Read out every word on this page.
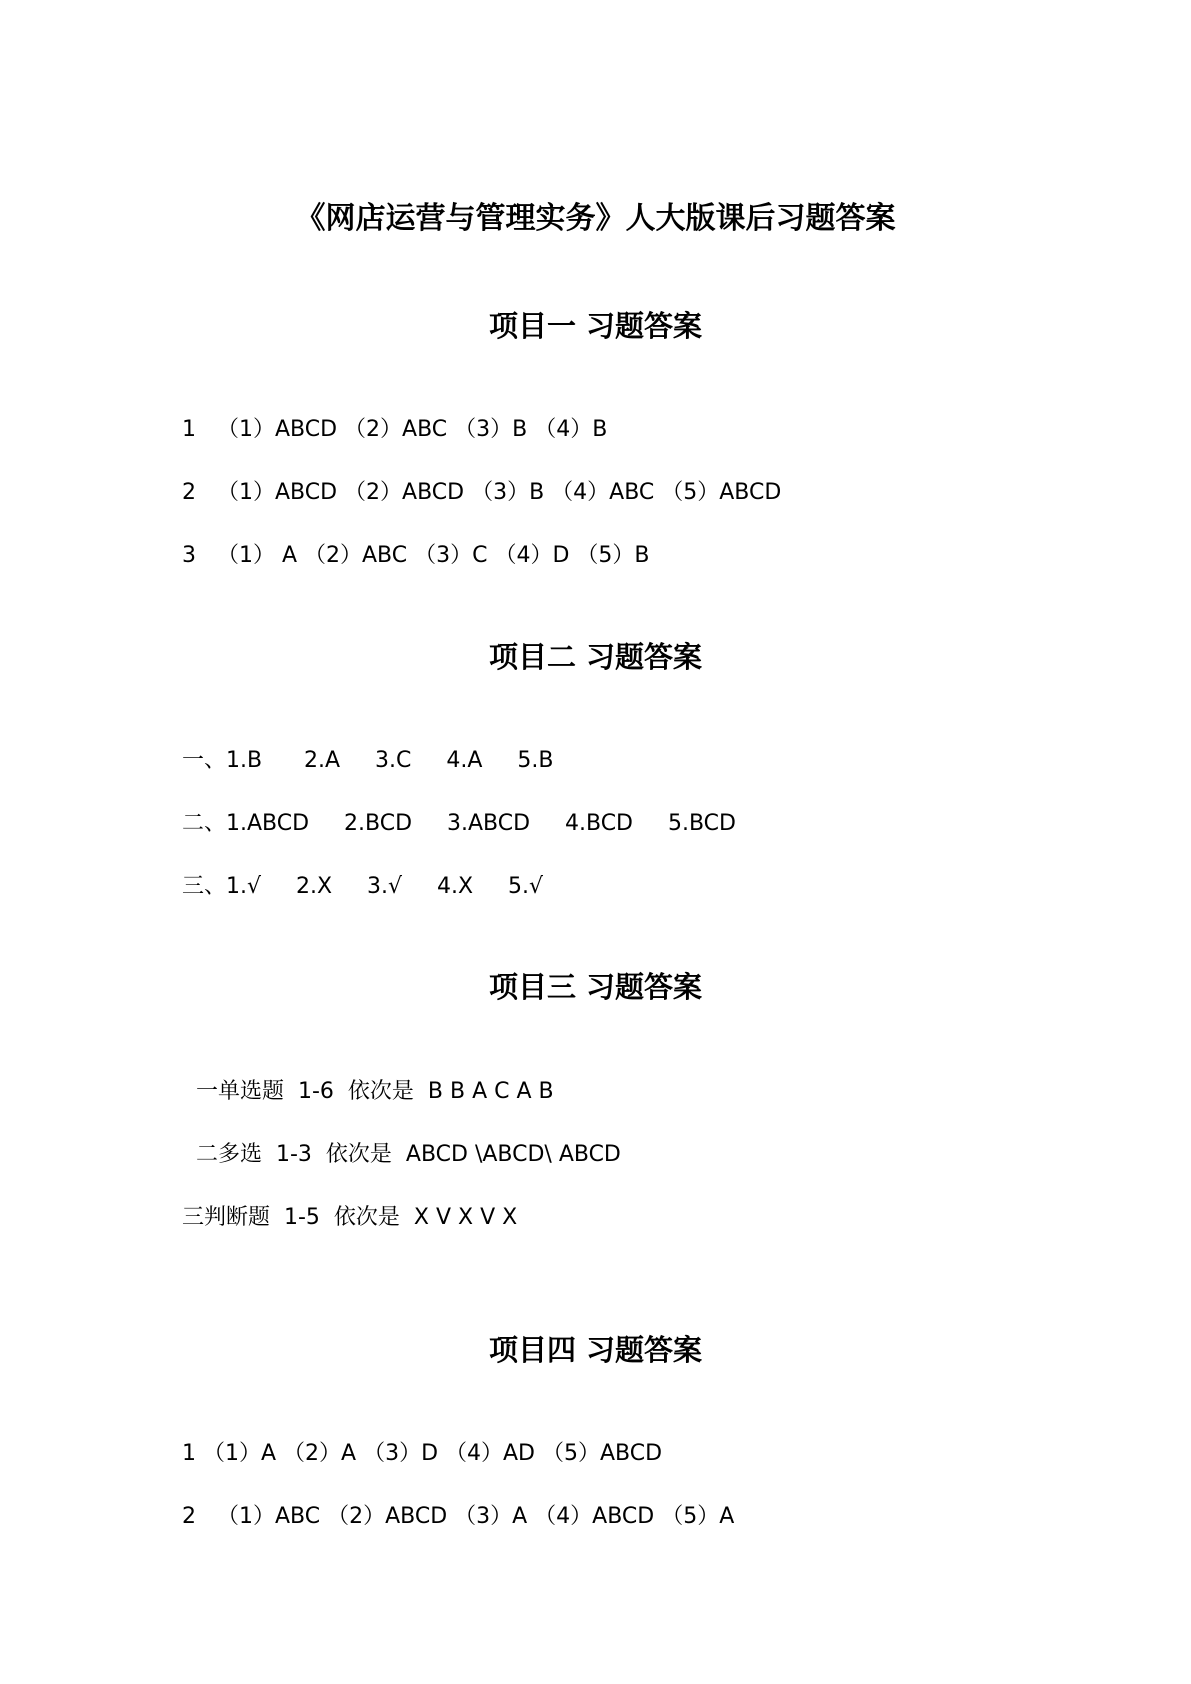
《网店运营与管理实务》人大版课后习题答案
项目一 习题答案
1   （1）ABCD （2）ABC （3）B （4）B
2   （1）ABCD （2）ABCD （3）B （4）ABC （5）ABCD
3   （1） A （2）ABC （3）C （4）D （5）B
项目二 习题答案
一、1.B      2.A     3.C     4.A     5.B
二、1.ABCD     2.BCD     3.ABCD     4.BCD     5.BCD
三、1.√     2.X     3.√     4.X     5.√
项目三 习题答案
一单选题  1-6  依次是  B B A C A B
二多选  1-3  依次是  ABCD \ABCD\ ABCD
三判断题  1-5  依次是  X V X V X
项目四 习题答案
1 （1）A （2）A （3）D （4）AD （5）ABCD
2   （1）ABC （2）ABCD （3）A （4）ABCD （5）A
